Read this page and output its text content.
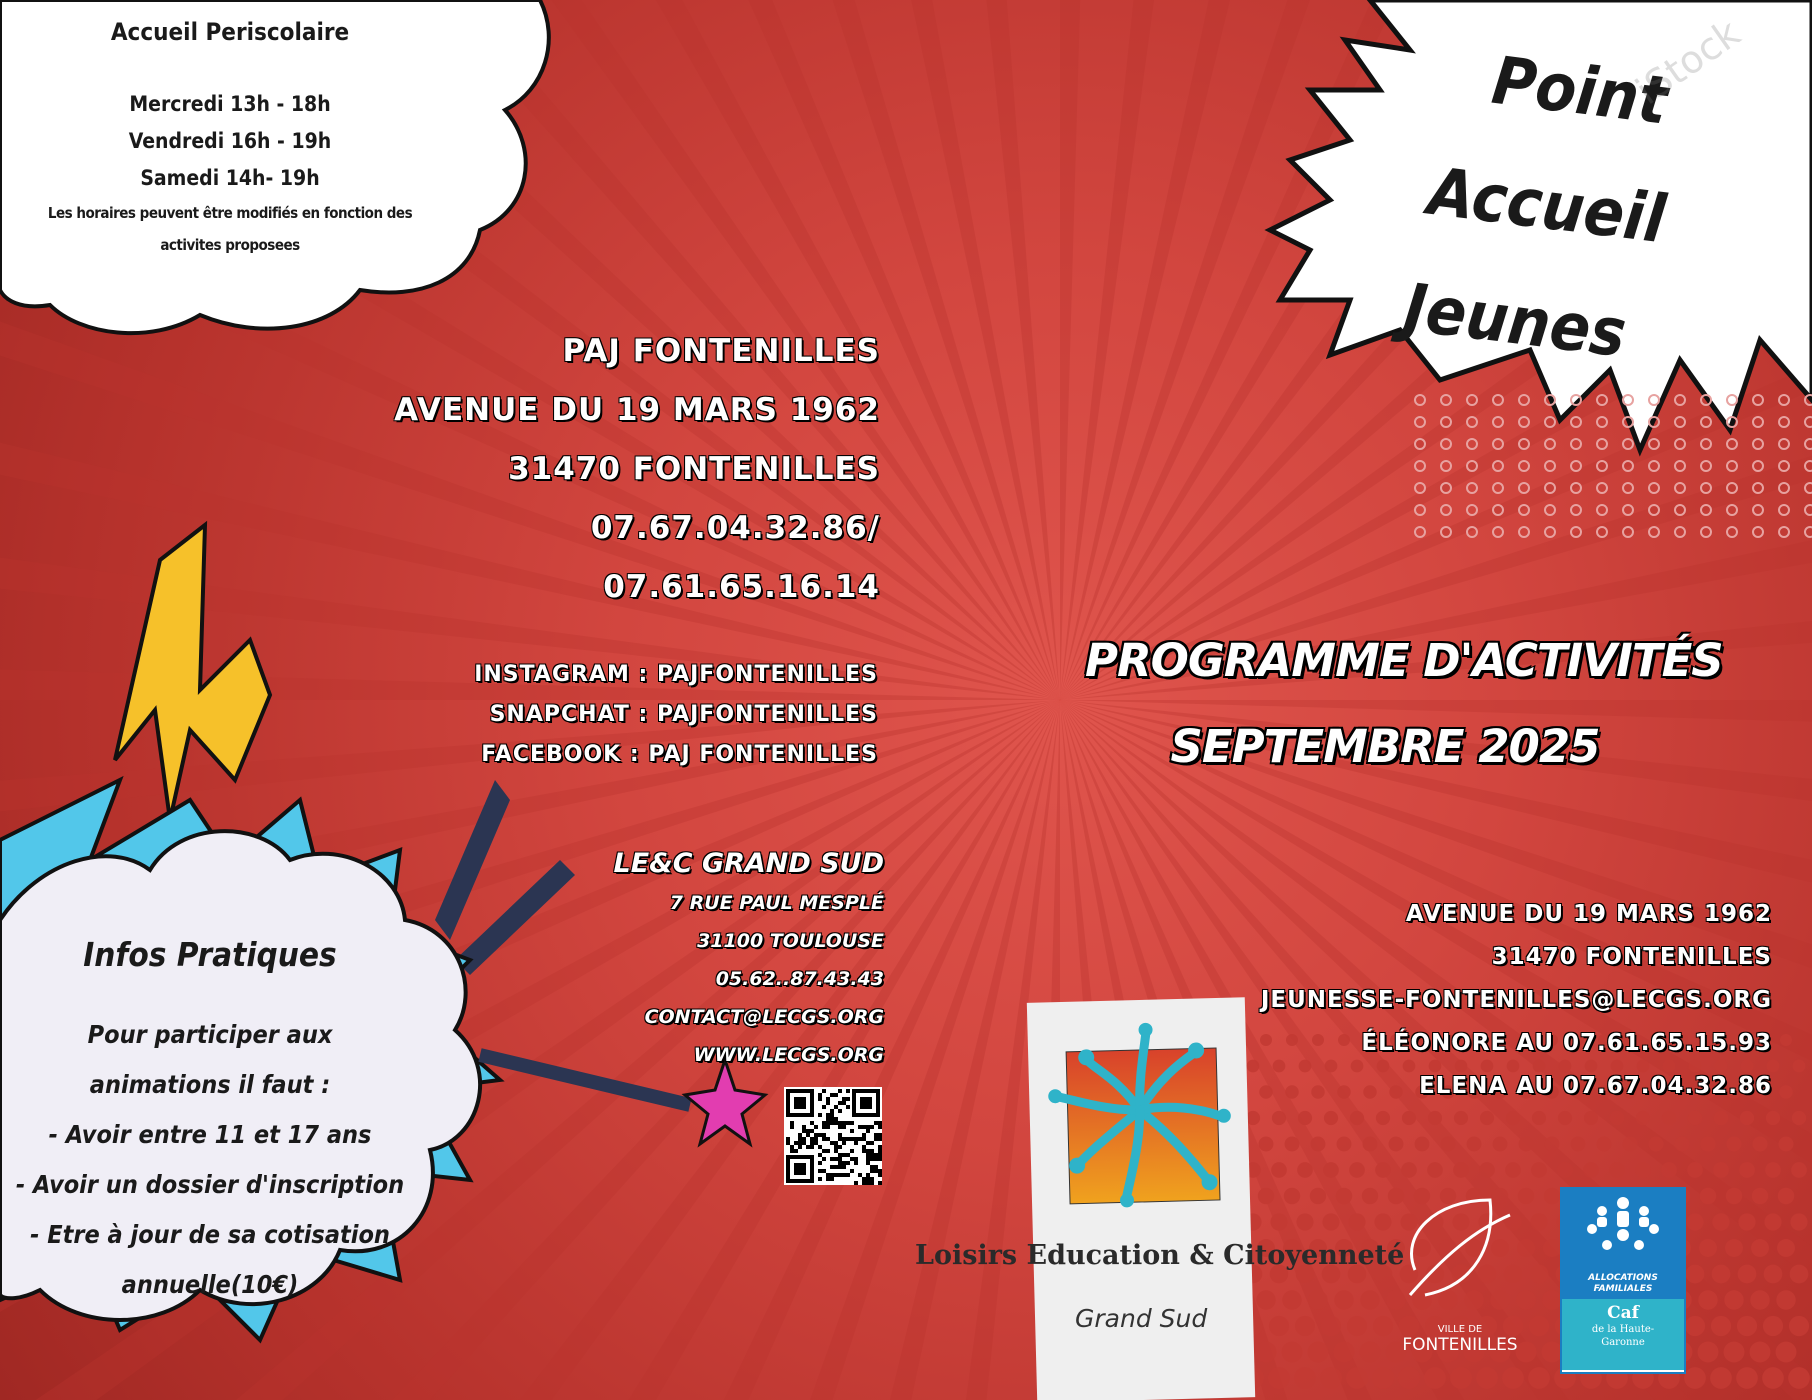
Accueil Periscolaire
Mercredi 13h - 18h
Vendredi 16h - 19h
Samedi 14h- 19h
Les horaires peuvent être modifiés en fonction des
activites proposees
PAJ FONTENILLES
AVENUE DU 19 MARS 1962
31470 FONTENILLES
07.67.04.32.86/
07.61.65.16.14
INSTAGRAM : PAJFONTENILLES
SNAPCHAT : PAJFONTENILLES
FACEBOOK : PAJ FONTENILLES
LE&C GRAND SUD
7 RUE PAUL MESPLÉ
31100 TOULOUSE
05.62..87.43.43
CONTACT@LECGS.ORG
WWW.LECGS.ORG
Infos Pratiques
Pour participer aux
animations il faut :
- Avoir entre 11 et 17 ans
- Avoir un dossier d'inscription
- Etre à jour de sa cotisation
annuelle(10€)
Point
Accueil
Jeunes
iStock
PROGRAMME D'ACTIVITÉS
SEPTEMBRE 2025
AVENUE DU 19 MARS 1962
31470 FONTENILLES
JEUNESSE-FONTENILLES@LECGS.ORG
ÉLÉONORE AU 07.61.65.15.93
ELENA AU 07.67.04.32.86
Loisirs Education & Citoyenneté
Grand Sud	VILLE DE
FONTENILLES
ALLOCATIONS FAMILIALES
Caf
de la Haute-Garonne
